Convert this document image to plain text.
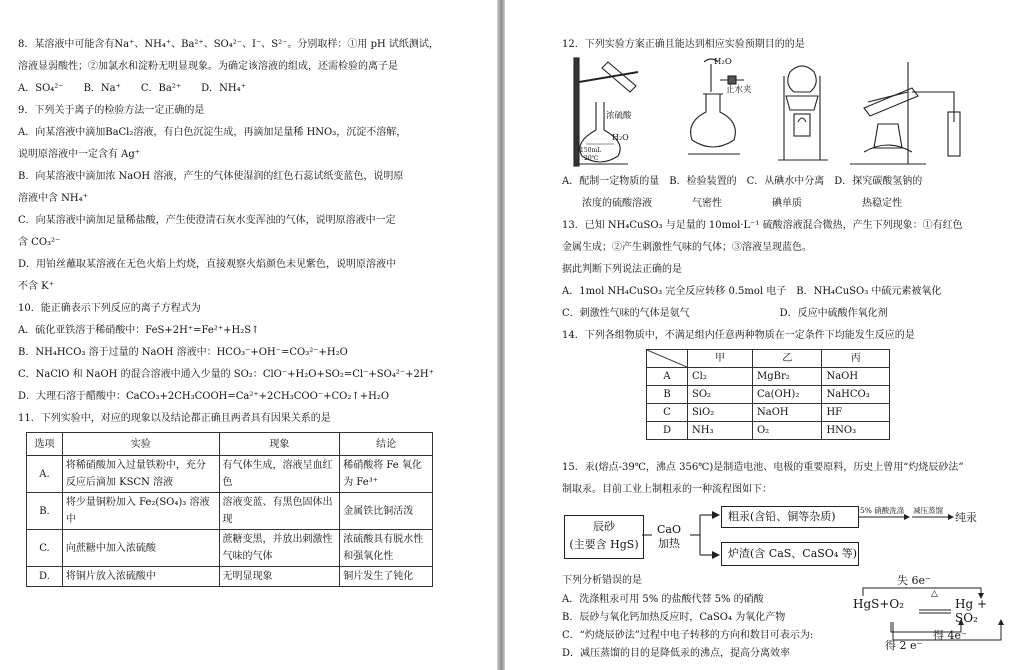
8．某溶液中可能含有Na⁺、NH₄⁺、Ba²⁺、SO₄²⁻、I⁻、S²⁻。分别取样：①用 pH 试纸测试，
溶液显弱酸性；②加氯水和淀粉无明显现象。为确定该溶液的组成，还需检验的离子是
A．SO₄²⁻　　B．Na⁺　　C．Ba²⁺　　D．NH₄⁺
9．下列关于离子的检验方法一定正确的是
A．向某溶液中滴加BaCl₂溶液，有白色沉淀生成，再滴加足量稀 HNO₃，沉淀不溶解，
说明原溶液中一定含有 Ag⁺
B．向某溶液中滴加浓 NaOH 溶液，产生的气体使湿润的红色石蕊试纸变蓝色，说明原
溶液中含 NH₄⁺
C．向某溶液中滴加足量稀盐酸，产生使澄清石灰水变浑浊的气体，说明原溶液中一定
含 CO₃²⁻
D．用铂丝蘸取某溶液在无色火焰上灼烧，直接观察火焰颜色未见紫色，说明原溶液中
不含 K⁺
10．能正确表示下列反应的离子方程式为
A．硫化亚铁溶于稀硝酸中：FeS+2H⁺=Fe²⁺+H₂S↑
B．NH₄HCO₃ 溶于过量的 NaOH 溶液中：HCO₃⁻+OH⁻=CO₃²⁻+H₂O
C．NaClO 和 NaOH 的混合溶液中通入少量的 SO₂：ClO⁻+H₂O+SO₂=Cl⁻+SO₄²⁻+2H⁺
D．大理石溶于醋酸中：CaCO₃+2CH₃COOH=Ca²⁺+2CH₃COO⁻+CO₂↑+H₂O
11．下列实验中，对应的现象以及结论都正确且两者具有因果关系的是
选项	实验	现象	结论
A.	将稀硝酸加入过量铁粉中，充分反应后滴加 KSCN 溶液	有气体生成，溶液呈血红色	稀硝酸将 Fe 氧化为 Fe³⁺
B.	将少量铜粉加入 Fe₂(SO₄)₃ 溶液中	溶液变蓝、有黑色固体出现	金属铁比铜活泼
C.	向蔗糖中加入浓硫酸	蔗糖变黑，并放出刺激性气味的气体	浓硫酸具有脱水性和强氧化性
D.	将铜片放入浓硫酸中	无明显现象	铜片发生了钝化
12．下列实验方案正确且能达到相应实验预期目的的是
浓硫酸
H₂O
150mL
20℃
H₂O
止水夹
A．配制一定物质的量　B．检验装置的　C．从碘水中分离　D．探究碳酸氢钠的
　　浓度的硫酸溶液　　　　气密性　　　　　碘单质　　　　　　热稳定性
13．已知 NH₄CuSO₃ 与足量的 10mol·L⁻¹ 硫酸溶液混合微热，产生下列现象：①有红色
金属生成；②产生刺激性气味的气体；③溶液呈现蓝色。
据此判断下列说法正确的是
A．1mol NH₄CuSO₃ 完全反应转移 0.5mol 电子　B．NH₄CuSO₃ 中硫元素被氧化
C．刺激性气味的气体是氨气　　　　　　　　　D．反应中硫酸作氧化剂
14．下列各组物质中，不满足组内任意两种物质在一定条件下均能发生反应的是
	甲	乙	丙
A	Cl₂	MgBr₂	NaOH
B	SO₂	Ca(OH)₂	NaHCO₃
C	SiO₂	NaOH	HF
D	NH₃	O₂	HNO₃
15．汞(熔点-39℃，沸点 356℃)是制造电池、电极的重要原料，历史上曾用“灼烧辰砂法”
制取汞。目前工业上制粗汞的一种流程图如下：
辰砂
(主要含 HgS)
CaO
加热
粗汞(含铅、铜等杂质)
炉渣(含 CaS、CaSO₄ 等)
5% 硝酸洗涤 减压蒸馏
纯汞
下列分析错误的是
A．洗涤粗汞可用 5% 的盐酸代替 5% 的硝酸
B．辰砂与氧化钙加热反应时，CaSO₄ 为氧化产物
C．“灼烧辰砂法”过程中电子转移的方向和数目可表示为:
D．减压蒸馏的目的是降低汞的沸点，提高分离效率
失 6e⁻
HgS+O₂
△
Hg + SO₂
得 2 e⁻
得 4e⁻
